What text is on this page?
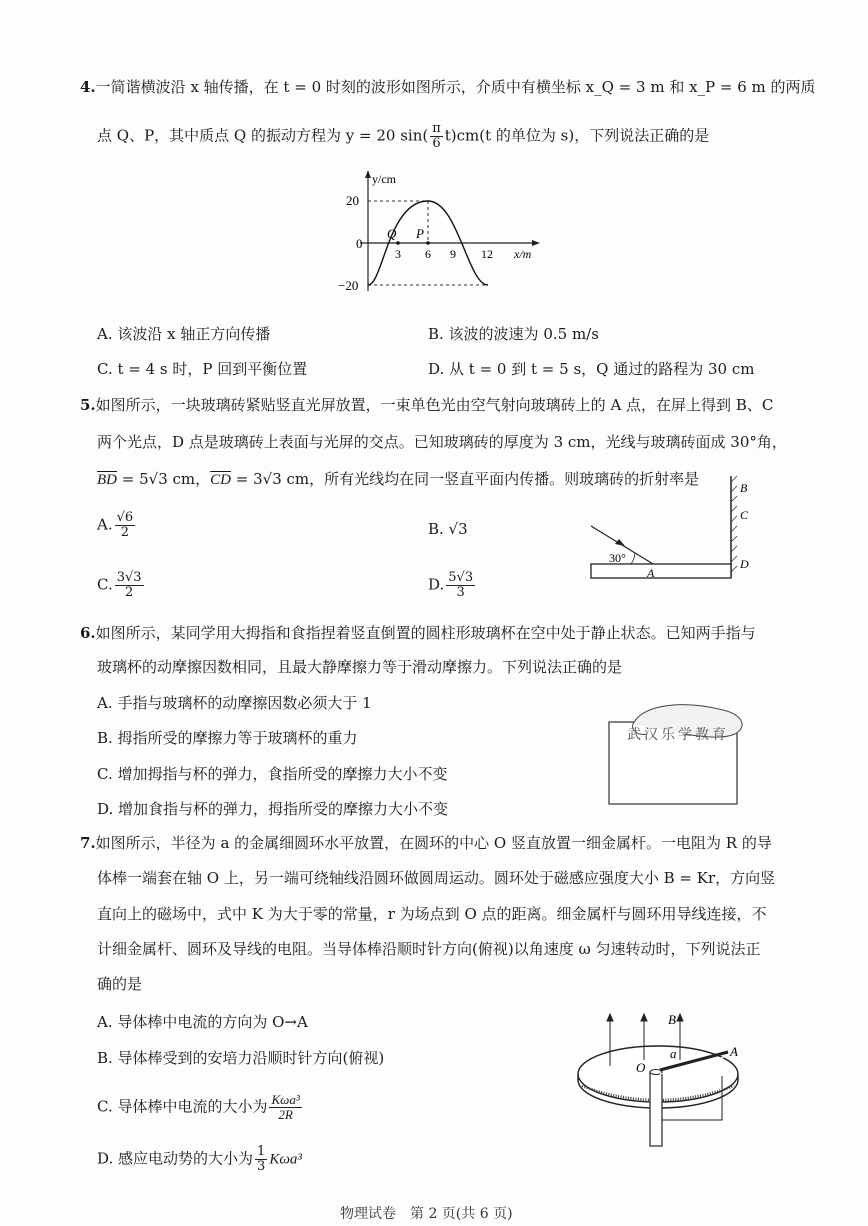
4.一简谐横波沿 x 轴传播，在 t = 0 时刻的波形如图所示，介质中有横坐标 x_Q = 3 m 和 x_P = 6 m 的两质
点 Q、P，其中质点 Q 的振动方程为 y = 20 $\sin( \frac{\pi}{6} t)cm(t$ 的单位为 s)，下列说法正确的是
y/cm
20
0
−20
3 6 9 12 x/m
Q P
A. 该波沿 x 轴正方向传播	B. 该波的波速为 0.5 m/s
C. t = 4 s 时，P 回到平衡位置	D. 从 t = 0 到 t = 5 s，Q 通过的路程为 30 cm
5.如图所示，一块玻璃砖紧贴竖直光屏放置，一束单色光由空气射向玻璃砖上的 A 点，在屏上得到 B、C
两个光点，D 点是玻璃砖上表面与光屏的交点。已知玻璃砖的厚度为 3 cm，光线与玻璃砖面成 30°角，
$\overline{BD} = 5√3$ cm，$\overline{CD} = 3√3$ cm，所有光线均在同一竖直平面内传播。则玻璃砖的折射率是
A. $\frac{√6}{2}$	B. √3
C. $\frac{3√3}{2}$	D. $\frac{5√3}{3}$
30°
A
B
C
D
6.如图所示，某同学用大拇指和食指捏着竖直倒置的圆柱形玻璃杯在空中处于静止状态。已知两手指与
玻璃杯的动摩擦因数相同，且最大静摩擦力等于滑动摩擦力。下列说法正确的是
A. 手指与玻璃杯的动摩擦因数必须大于 1
B. 拇指所受的摩擦力等于玻璃杯的重力
C. 增加拇指与杯的弹力，食指所受的摩擦力大小不变
D. 增加食指与杯的弹力，拇指所受的摩擦力大小不变
武汉乐学教育
7.如图所示，半径为 a 的金属细圆环水平放置，在圆环的中心 O 竖直放置一细金属杆。一电阻为 R 的导
体棒一端套在轴 O 上，另一端可绕轴线沿圆环做圆周运动。圆环处于磁感应强度大小 B = Kr，方向竖
直向上的磁场中，式中 K 为大于零的常量，r 为场点到 O 点的距离。细金属杆与圆环用导线连接，不
计细金属杆、圆环及导线的电阻。当导体棒沿顺时针方向(俯视)以角速度 ω 匀速转动时，下列说法正
确的是
A. 导体棒中电流的方向为 O→A
B. 导体棒受到的安培力沿顺时针方向(俯视)
C. 导体棒中电流的大小为 $\frac{\text{Kωa³}}{2R}$
D. 感应电动势的大小为 $\frac{1}{3} K\omega a^3$
B
O
a	A
物理试卷　第 2 页(共 6 页)
